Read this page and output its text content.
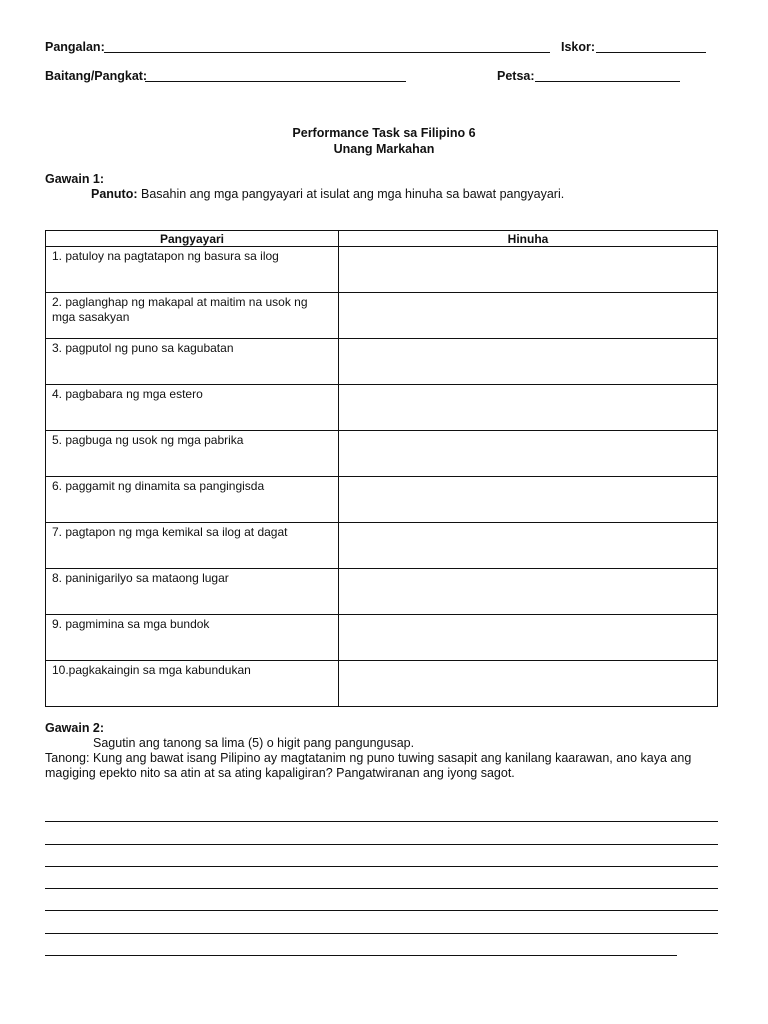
Pangalan:	Iskor:
Baitang/Pangkat:	Petsa:
Performance Task sa Filipino 6
Unang Markahan
Gawain 1:
Panuto: Basahin ang mga pangyayari at isulat ang mga hinuha sa bawat pangyayari.
Pangyayari	Hinuha
1. patuloy na pagtatapon ng basura sa ilog	
2. paglanghap ng makapal at maitim na usok ng mga sasakyan	
3. pagputol ng puno sa kagubatan	
4. pagbabara ng mga estero	
5. pagbuga ng usok ng mga pabrika	
6. paggamit ng dinamita sa pangingisda	
7. pagtapon ng mga kemikal sa ilog at dagat	
8. paninigarilyo sa mataong lugar	
9. pagmimina sa mga bundok	
10.pagkakaingin sa mga kabundukan	
Gawain 2:
Sagutin ang tanong sa lima (5) o higit pang pangungusap.
Tanong: Kung ang bawat isang Pilipino ay magtatanim ng puno tuwing sasapit ang kanilang kaarawan, ano kaya ang
magiging epekto nito sa atin at sa ating kapaligiran? Pangatwiranan ang iyong sagot.
